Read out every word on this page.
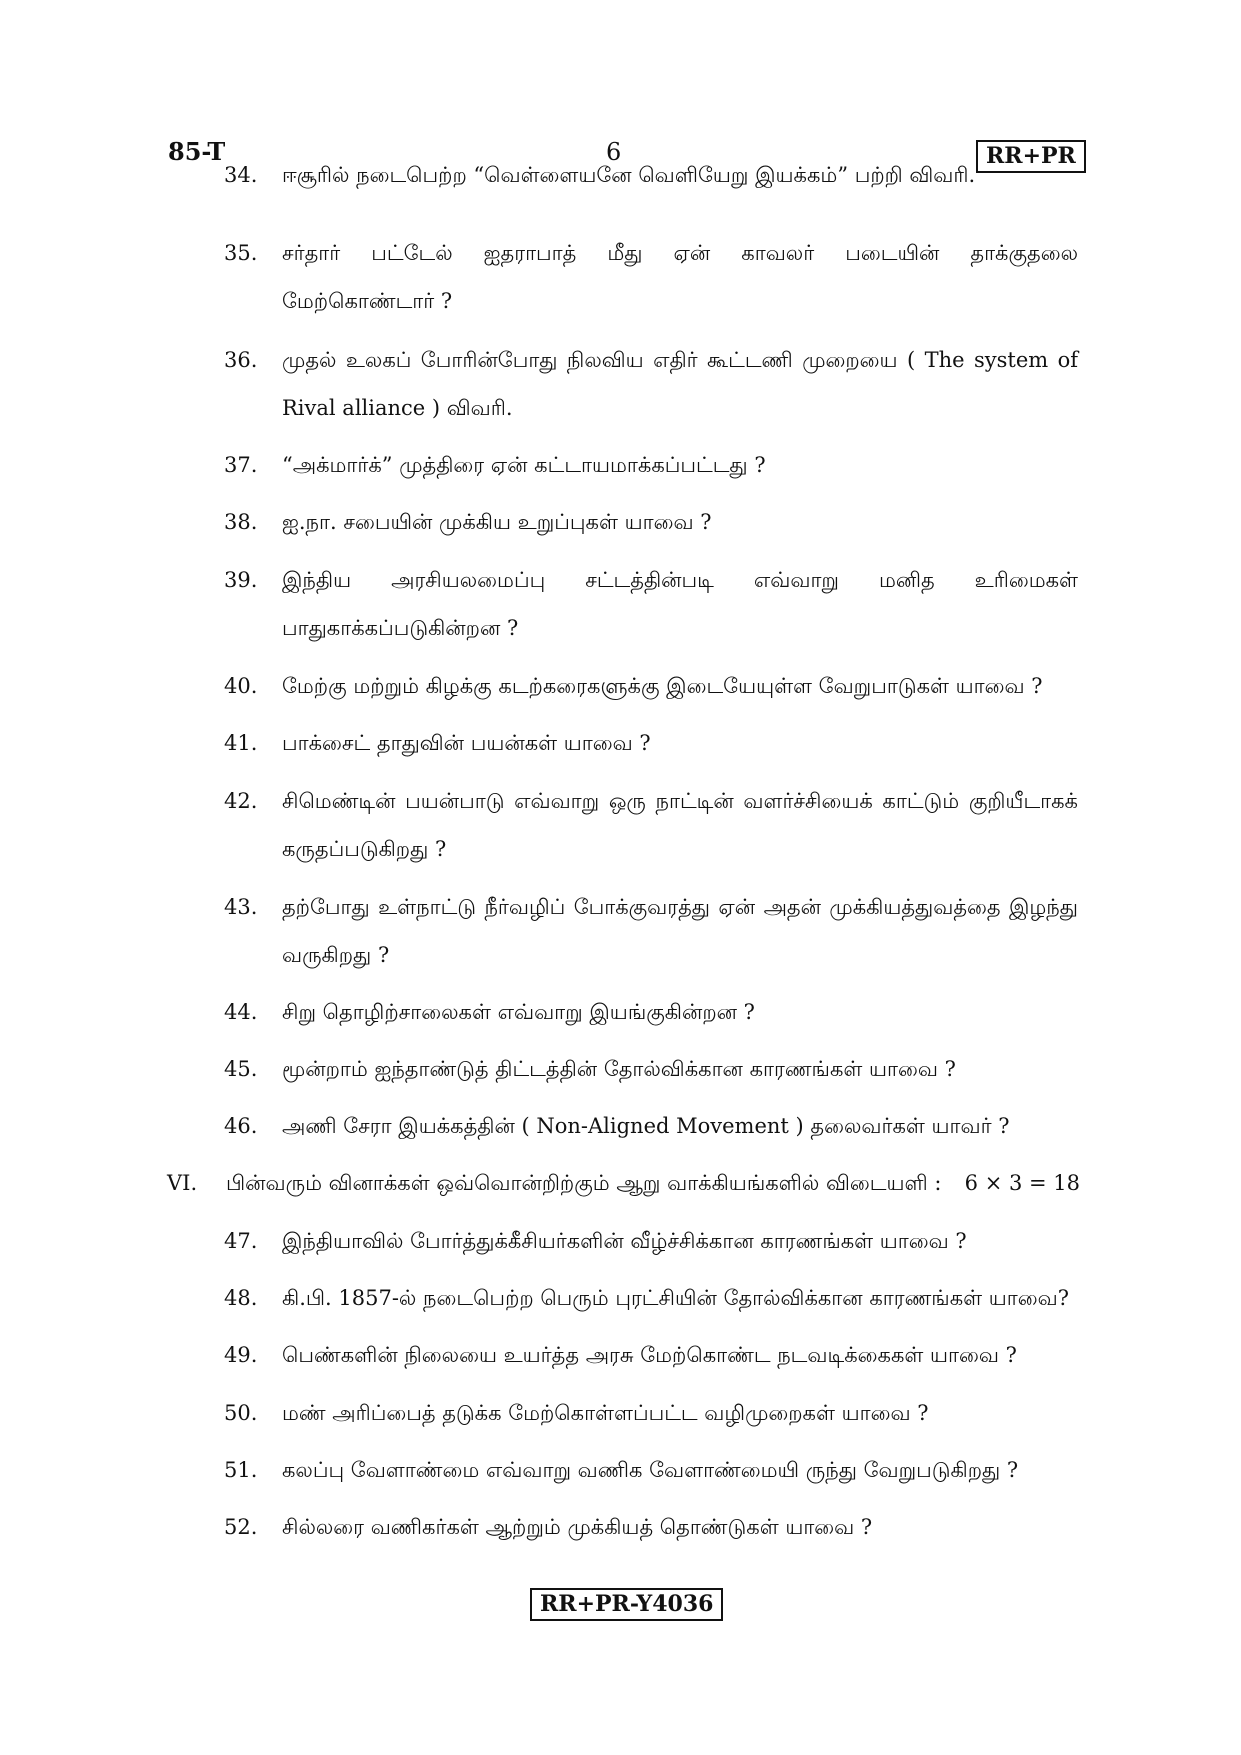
85-T	6	RR+PR
34.	ஈசூரில் நடைபெற்ற “வெள்ளையனே வெளியேறு இயக்கம்” பற்றி விவரி.

35.	சர்தார் பட்டேல் ஐதராபாத் மீது ஏன் காவலர் படையின் தாக்குதலை

மேற்கொண்டார் ?

36.	முதல் உலகப் போரின்போது நிலவிய எதிர் கூட்டணி முறையை ( The system of

Rival alliance ) விவரி.

37.	“அக்மார்க்” முத்திரை ஏன் கட்டாயமாக்கப்பட்டது ?

38.	ஐ.நா. சபையின் முக்கிய உறுப்புகள் யாவை ?

39.	இந்திய அரசியலமைப்பு சட்டத்தின்படி எவ்வாறு மனித உரிமைகள்

பாதுகாக்கப்படுகின்றன ?

40.	மேற்கு மற்றும் கிழக்கு கடற்கரைகளுக்கு இடையேயுள்ள வேறுபாடுகள் யாவை ?

41.	பாக்சைட் தாதுவின் பயன்கள் யாவை ?

42.	சிமெண்டின் பயன்பாடு எவ்வாறு ஒரு நாட்டின் வளர்ச்சியைக் காட்டும் குறியீடாகக்

கருதப்படுகிறது ?

43.	தற்போது உள்நாட்டு நீர்வழிப் போக்குவரத்து ஏன் அதன் முக்கியத்துவத்தை இழந்து

வருகிறது ?

44.	சிறு தொழிற்சாலைகள் எவ்வாறு இயங்குகின்றன ?

45.	மூன்றாம் ஐந்தாண்டுத் திட்டத்தின் தோல்விக்கான காரணங்கள் யாவை ?

46.	அணி சேரா இயக்கத்தின் ( Non-Aligned Movement ) தலைவர்கள் யாவர் ?

VI. பின்வரும் வினாக்கள் ஒவ்வொன்றிற்கும் ஆறு வாக்கியங்களில் விடையளி :	6 × 3 = 18
47.	இந்தியாவில் போர்த்துக்கீசியர்களின் வீழ்ச்சிக்கான காரணங்கள் யாவை ?

48.	கி.பி. 1857-ல் நடைபெற்ற பெரும் புரட்சியின் தோல்விக்கான காரணங்கள் யாவை?

49.	பெண்களின் நிலையை உயர்த்த அரசு மேற்கொண்ட நடவடிக்கைகள் யாவை ?

50.	மண் அரிப்பைத் தடுக்க மேற்கொள்ளப்பட்ட வழிமுறைகள் யாவை ?

51.	கலப்பு வேளாண்மை எவ்வாறு வணிக வேளாண்மையி ருந்து வேறுபடுகிறது ?

52.	சில்லரை வணிகர்கள் ஆற்றும் முக்கியத் தொண்டுகள் யாவை ?

RR+PR-Y4036
